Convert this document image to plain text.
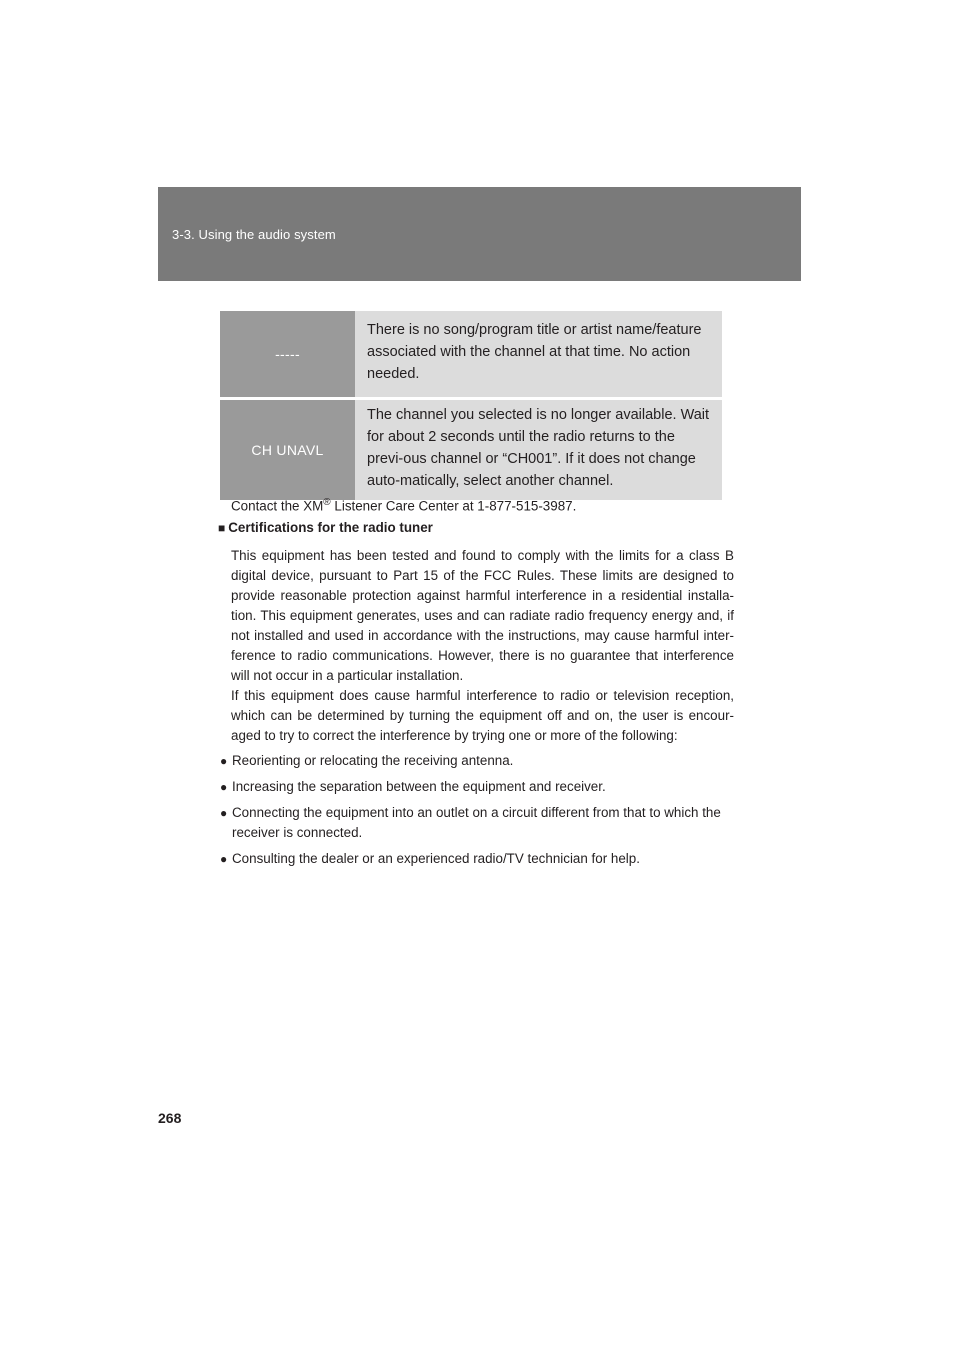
3-3. Using the audio system
-----	There is no song/program title or artist name/feature associated with the channel at that time. No action needed.
CH UNAVL	The channel you selected is no longer available. Wait for about 2 seconds until the radio returns to the previ-ous channel or “CH001”. If it does not change auto-matically, select another channel.

Contact the XM® Listener Care Center at 1-877-515-3987.

■ Certifications for the radio tuner

This equipment has been tested and found to comply with the limits for a class B digital device, pursuant to Part 15 of the FCC Rules. These limits are designed to provide reasonable protection against harmful interference in a residential installa-tion. This equipment generates, uses and can radiate radio frequency energy and, if not installed and used in accordance with the instructions, may cause harmful inter-ference to radio communications. However, there is no guarantee that interference will not occur in a particular installation.

If this equipment does cause harmful interference to radio or television reception, which can be determined by turning the equipment off and on, the user is encour-aged to try to correct the interference by trying one or more of the following:

● Reorienting or relocating the receiving antenna.
● Increasing the separation between the equipment and receiver.
● Connecting the equipment into an outlet on a circuit different from that to which the receiver is connected.
● Consulting the dealer or an experienced radio/TV technician for help.
268
